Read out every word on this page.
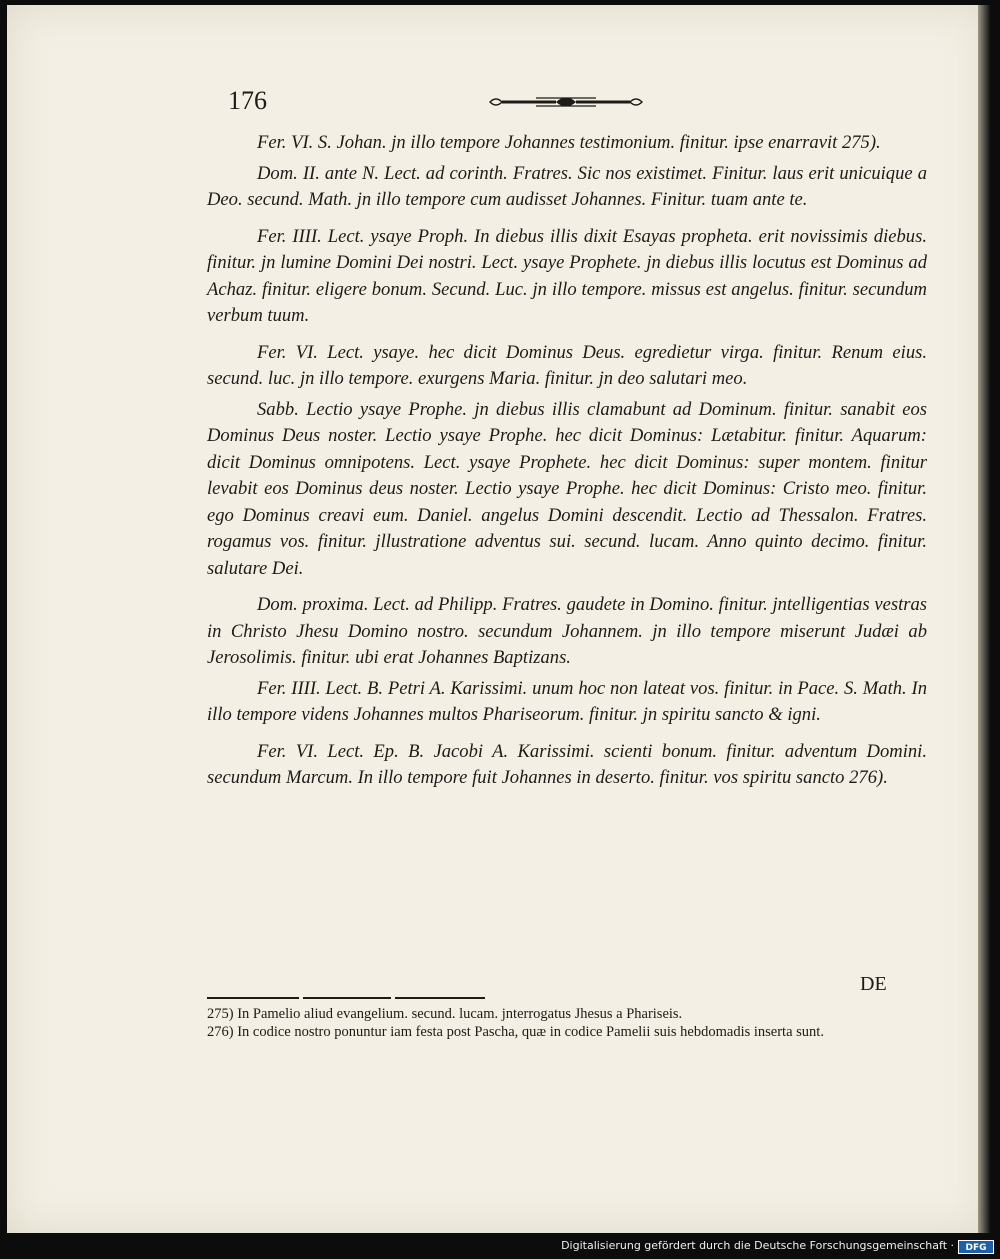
176

Fer. VI. S. Johan. jn illo tempore Johannes testimonium. finitur. ipse enarravit 275).

Dom. II. ante N. Lect. ad corinth. Fratres. Sic nos existimet. Finitur. laus erit unicuique a Deo. secund. Math. jn illo tempore cum audisset Johannes. Finitur. tuam ante te.

Fer. IIII. Lect. ysaye Proph. In diebus illis dixit Esayas propheta. erit novissimis diebus. finitur. jn lumine Domini Dei nostri. Lect. ysaye Prophete. jn diebus illis locutus est Dominus ad Achaz. finitur. eligere bonum. Secund. Luc. jn illo tempore. missus est angelus. finitur. secundum verbum tuum.

Fer. VI. Lect. ysaye. hec dicit Dominus Deus. egredietur virga. finitur. Renum eius. secund. luc. jn illo tempore. exurgens Maria. finitur. jn deo salutari meo.

Sabb. Lectio ysaye Prophe. jn diebus illis clamabunt ad Dominum. finitur. sanabit eos Dominus Deus noster. Lectio ysaye Prophe. hec dicit Dominus: Lætabitur. finitur. Aquarum: dicit Dominus omnipotens. Lect. ysaye Prophete. hec dicit Dominus: super montem. finitur levabit eos Dominus deus noster. Lectio ysaye Prophe. hec dicit Dominus: Cristo meo. finitur. ego Dominus creavi eum. Daniel. angelus Domini descendit. Lectio ad Thessalon. Fratres. rogamus vos. finitur. jllustratione adventus sui. secund. lucam. Anno quinto decimo. finitur. salutare Dei.

Dom. proxima. Lect. ad Philipp. Fratres. gaudete in Domino. finitur. jntelligentias vestras in Christo Jhesu Domino nostro. secundum Johannem. jn illo tempore miserunt Judæi ab Jerosolimis. finitur. ubi erat Johannes Baptizans.

Fer. IIII. Lect. B. Petri A. Karissimi. unum hoc non lateat vos. finitur. in Pace. S. Math. In illo tempore videns Johannes multos Phariseorum. finitur. jn spiritu sancto & igni.

Fer. VI. Lect. Ep. B. Jacobi A. Karissimi. scienti bonum. finitur. adventum Domini. secundum Marcum. In illo tempore fuit Johannes in deserto. finitur. vos spiritu sancto 276).

DE

275) In Pamelio aliud evangelium. secund. lucam. jnterrogatus Jhesus a Phariseis.

276) In codice nostro ponuntur iam festa post Pascha, quæ in codice Pamelii suis hebdomadis inserta sunt.

Digitalisierung gefördert durch die Deutsche Forschungsgemeinschaft ·	DFG
